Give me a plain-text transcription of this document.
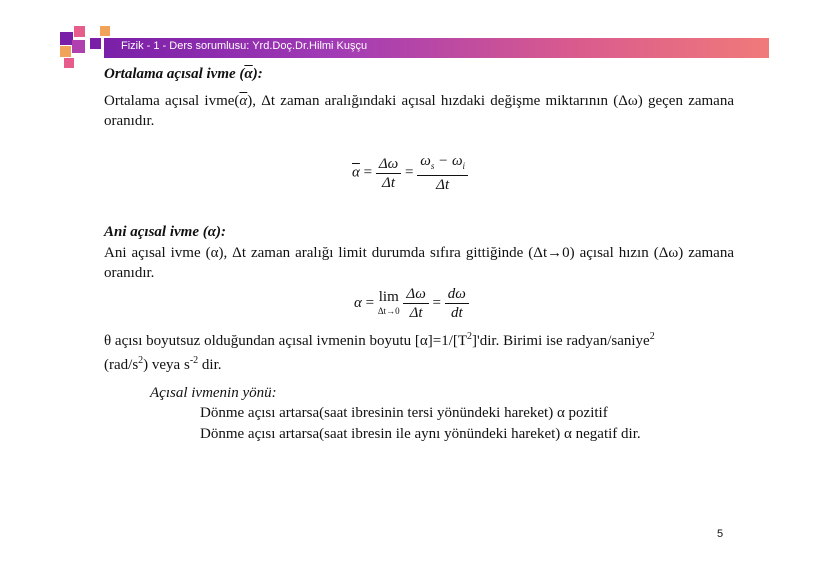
Fizik - 1 - Ders sorumlusu: Yrd.Doç.Dr.Hilmi Kuşçu
Ortalama açısal ivme $(\overline{\alpha})$:
Ortalama açısal $ivme(\overline{\alpha})$, Δt zaman aralığındaki açısal hızdaki değişme miktarının (Δω) geçen zamana oranıdır.
$\overline{\alpha} = \frac{\Delta\omega}{\Delta t} = \frac{\omega_s - \omega_i}{\Delta t}$
Ani açısal ivme (α):
Ani açısal ivme (α), Δt zaman aralığı limit durumda sıfıra gittiğinde (Δt→0) açısal hızın (Δω) zamana oranıdır.
α = lim
Δt→0
$\frac{\Delta\omega}{\Delta t} = \frac{d\omega}{dt}$
θ açısı boyutsuz olduğundan açısal ivmenin boyutu $[\alpha]=1/[T^2]'dir$. Birimi ise radyan/saniye$^2$
$(rad/s^2)$ veya $s^{-2}$ dir.
Açısal ivmenin yönü:
Dönme açısı artarsa(saat ibresinin tersi yönündeki hareket) α pozitif
Dönme açısı artarsa(saat ibresin ile aynı yönündeki hareket) α negatif dir.
5
